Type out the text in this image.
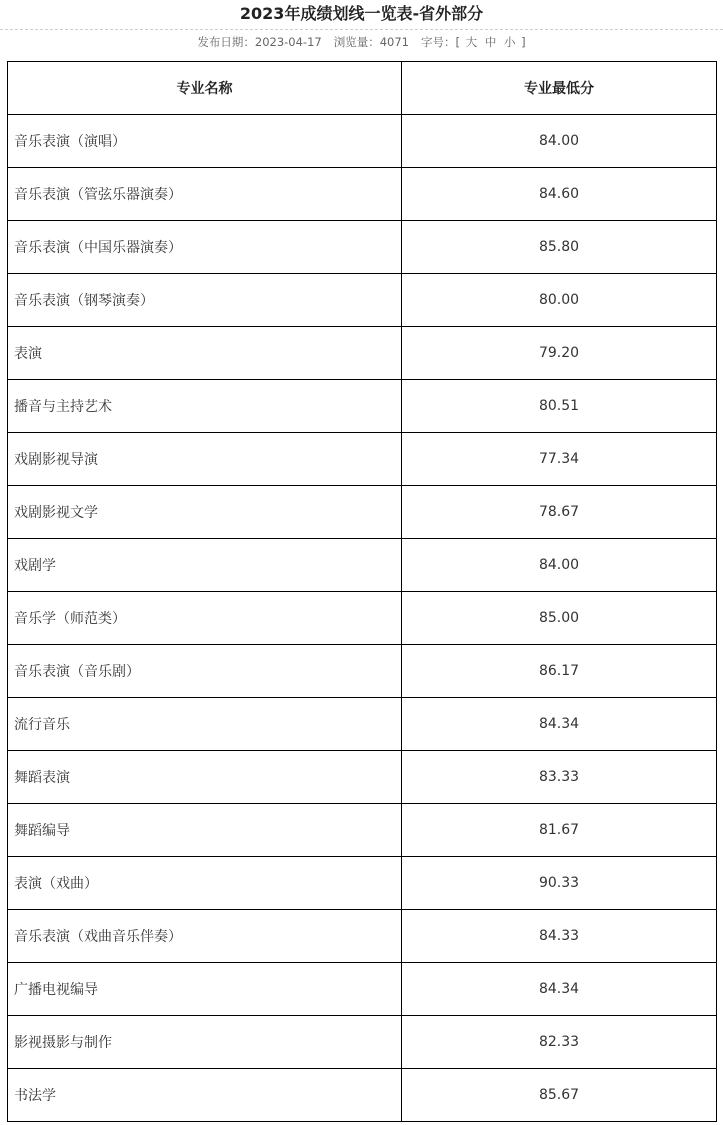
2023年成绩划线一览表-省外部分
发布日期：2023-04-17 浏览量：4071 字号：[ 大 中 小 ]
专业名称	专业最低分
音乐表演（演唱）	84.00
音乐表演（管弦乐器演奏）	84.60
音乐表演（中国乐器演奏）	85.80
音乐表演（钢琴演奏）	80.00
表演	79.20
播音与主持艺术	80.51
戏剧影视导演	77.34
戏剧影视文学	78.67
戏剧学	84.00
音乐学（师范类）	85.00
音乐表演（音乐剧）	86.17
流行音乐	84.34
舞蹈表演	83.33
舞蹈编导	81.67
表演（戏曲）	90.33
音乐表演（戏曲音乐伴奏）	84.33
广播电视编导	84.34
影视摄影与制作	82.33
书法学	85.67
